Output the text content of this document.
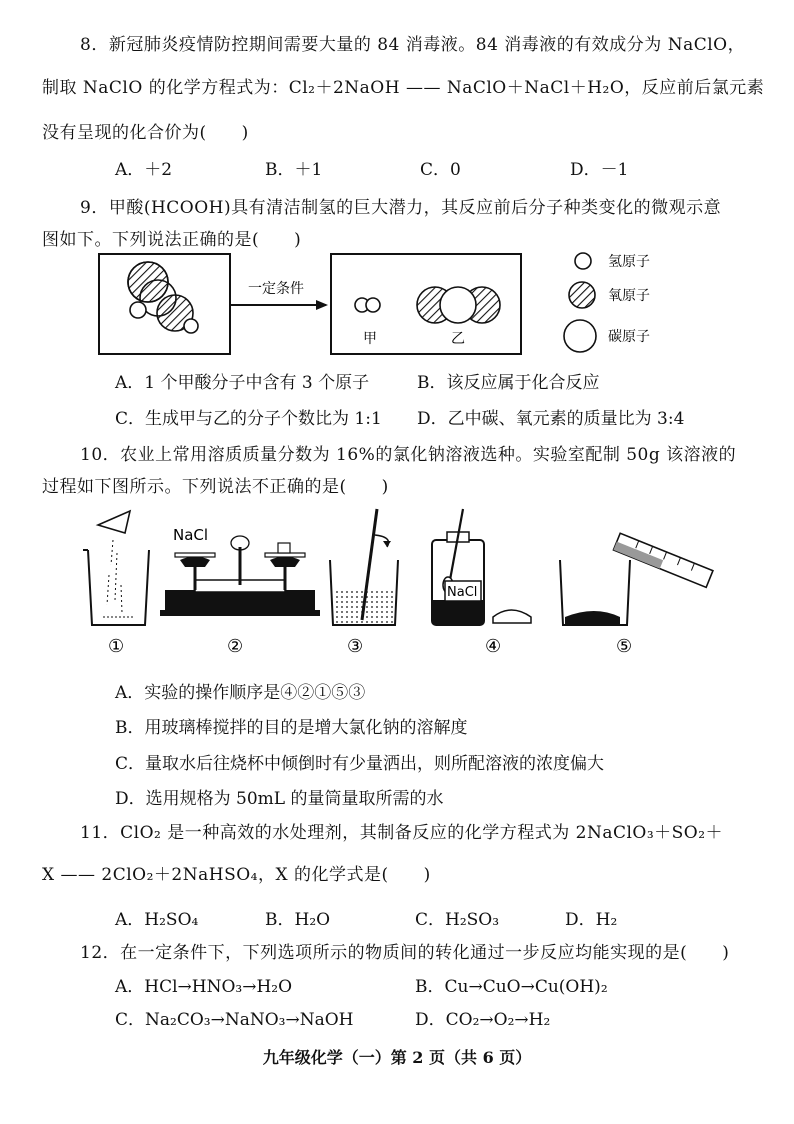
8．新冠肺炎疫情防控期间需要大量的 84 消毒液。84 消毒液的有效成分为 NaClO，
制取 NaClO 的化学方程式为：Cl₂＋2NaOH —— NaClO＋NaCl＋H₂O，反应前后氯元素
没有呈现的化合价为(　　)
A．＋2	B．＋1	C．0	D．－1
9．甲酸(HCOOH)具有清洁制氢的巨大潜力，其反应前后分子种类变化的微观示意
图如下。下列说法正确的是(　　)
一定条件
甲	乙
氢原子
氧原子
碳原子
A．1 个甲酸分子中含有 3 个原子	B．该反应属于化合反应
C．生成甲与乙的分子个数比为 1:1 D．乙中碳、氧元素的质量比为 3:4
10．农业上常用溶质质量分数为 16%的氯化钠溶液选种。实验室配制 50g 该溶液的
过程如下图所示。下列说法不正确的是(　　)
NaCl
NaCl
①	②	③	④	⑤
A．实验的操作顺序是④②①⑤③
B．用玻璃棒搅拌的目的是增大氯化钠的溶解度
C．量取水后往烧杯中倾倒时有少量洒出，则所配溶液的浓度偏大
D．选用规格为 50mL 的量筒量取所需的水
11．ClO₂ 是一种高效的水处理剂，其制备反应的化学方程式为 2NaClO₃＋SO₂＋
X —— 2ClO₂＋2NaHSO₄，X 的化学式是(　　)
A．H₂SO₄	B．H₂O	C．H₂SO₃	D．H₂
12．在一定条件下，下列选项所示的物质间的转化通过一步反应均能实现的是(　　)
A．HCl→HNO₃→H₂O	B．Cu→CuO→Cu(OH)₂
C．Na₂CO₃→NaNO₃→NaOH	D．CO₂→O₂→H₂
九年级化学（一）第 2 页（共 6 页）
